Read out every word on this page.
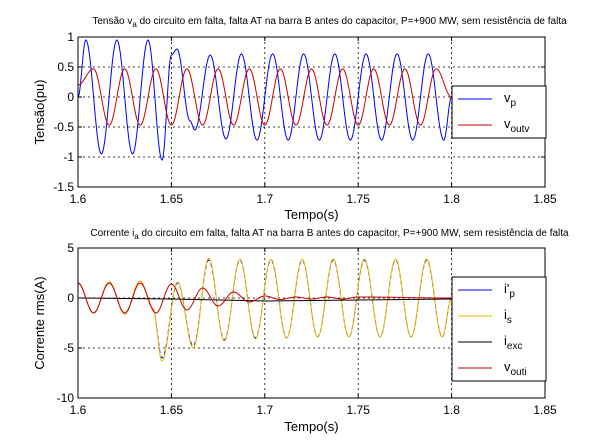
1.6	1.65	1.7	1.75	1.8	1.85
-1.5
-1
-0.5
0
0.5
1
Tensão $v_a$ do circuito em falta, falta AT na barra B antes do capacitor, P=+900 MW, sem resistência de falta
Tempo(s)
Tensão(pu)	$v_p$
$v_{outv}$
1.6	1.65	1.7	1.75	1.8	1.85
-10
-5
0
5
Corrente $i_a$ do circuito em falta, falta AT na barra B antes do capacitor, P=+900 MW, sem resistência de falta
Tempo(s)
Corrente rms(A)	$i'_p$
$i_s$
$i_{exc}$
$v_{outi}$
